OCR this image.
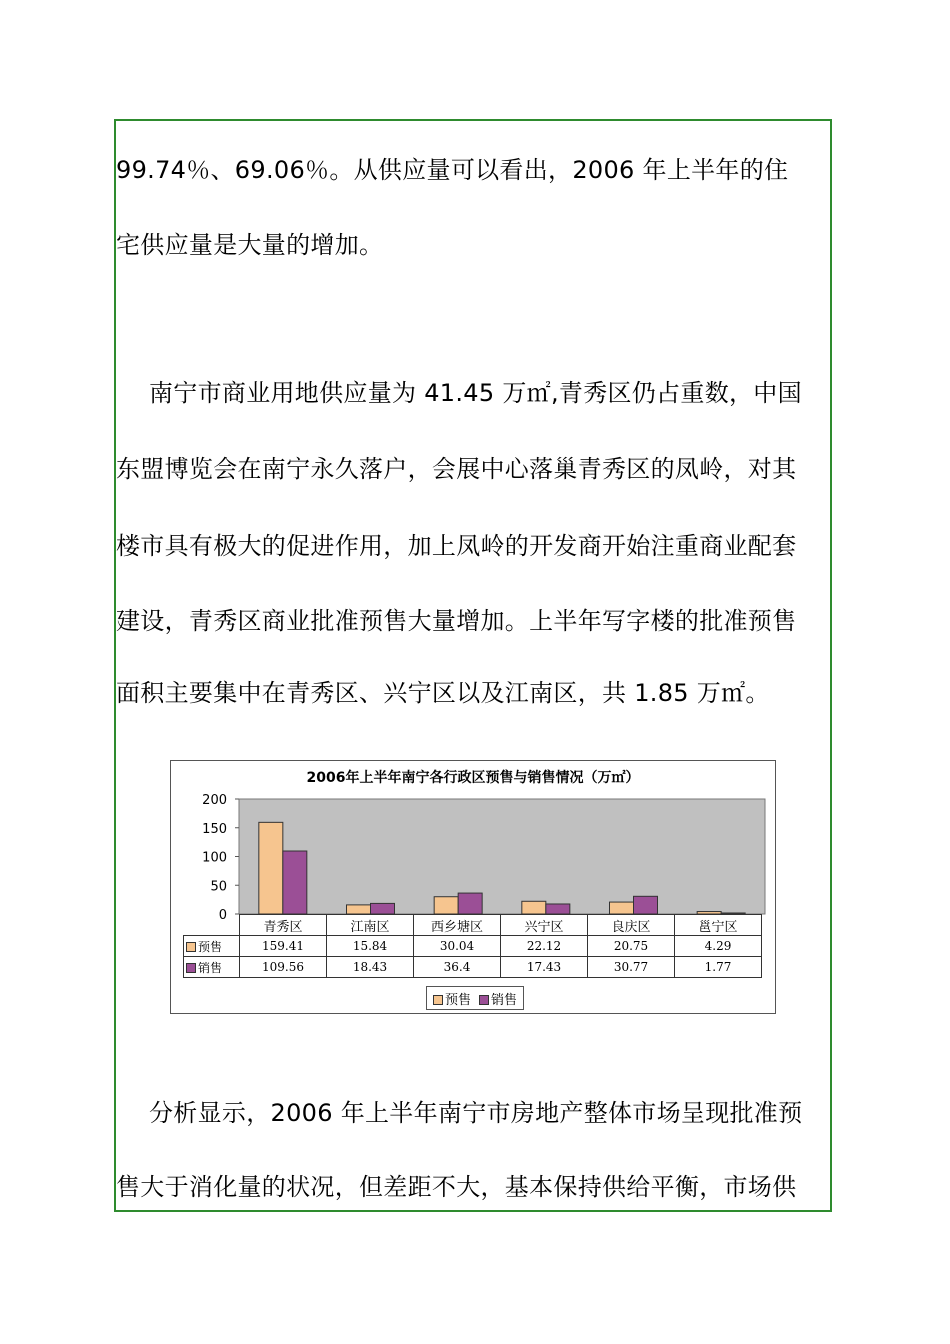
99.74％、69.06％。从供应量可以看出，2006 年上半年的住
宅供应量是大量的增加。
南宁市商业用地供应量为 41.45 万㎡,青秀区仍占重数，中国
东盟博览会在南宁永久落户，会展中心落巢青秀区的凤岭，对其
楼市具有极大的促进作用，加上凤岭的开发商开始注重商业配套
建设，青秀区商业批准预售大量增加。上半年写字楼的批准预售
面积主要集中在青秀区、兴宁区以及江南区，共 1.85 万㎡。
2006年上半年南宁各行政区预售与销售情况（万㎡）
0
50
100
150
200
	青秀区	江南区	西乡塘区	兴宁区	良庆区	邕宁区
预售	159.41	15.84	30.04	22.12	20.75	4.29
销售	109.56	18.43	36.4	17.43	30.77	1.77
预售	销售
分析显示，2006 年上半年南宁市房地产整体市场呈现批准预
售大于消化量的状况，但差距不大，基本保持供给平衡，市场供
